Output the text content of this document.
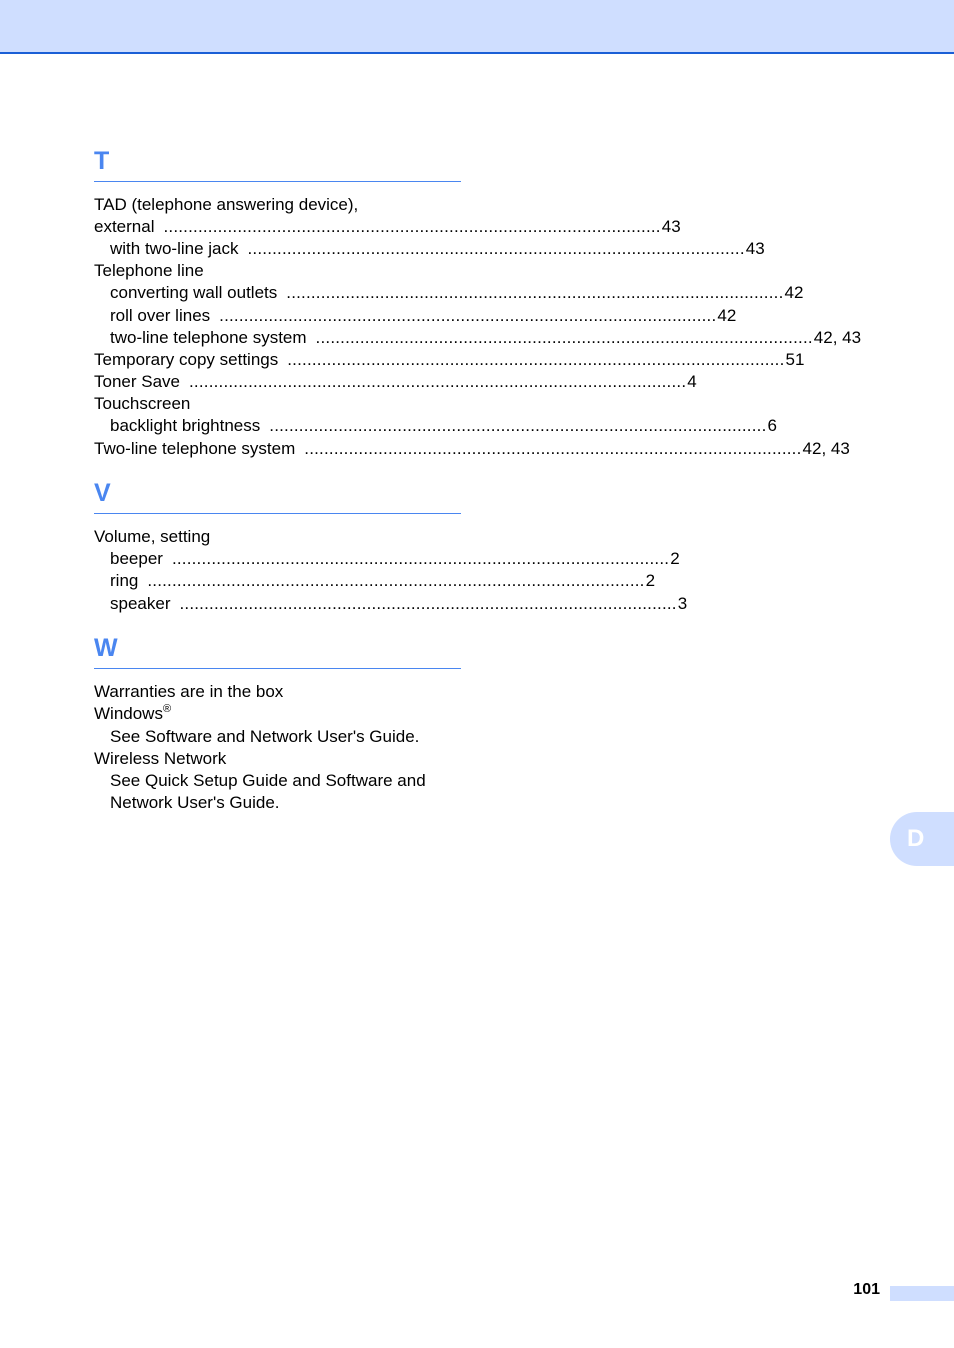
T
TAD (telephone answering device),
external ..................................................................................................... 43
with two-line jack ..................................................................................................... 43
Telephone line
converting wall outlets ..................................................................................................... 42
roll over lines ..................................................................................................... 42
two-line telephone system ..................................................................................................... 42, 43
Temporary copy settings ..................................................................................................... 51
Toner Save ..................................................................................................... 4
Touchscreen
backlight brightness ..................................................................................................... 6
Two-line telephone system ..................................................................................................... 42, 43
V
Volume, setting
beeper ..................................................................................................... 2
ring ..................................................................................................... 2
speaker ..................................................................................................... 3
W
Warranties are in the box
Windows®
See Software and Network User's Guide.
Wireless Network
See Quick Setup Guide and Software and
Network User's Guide.
D
101
